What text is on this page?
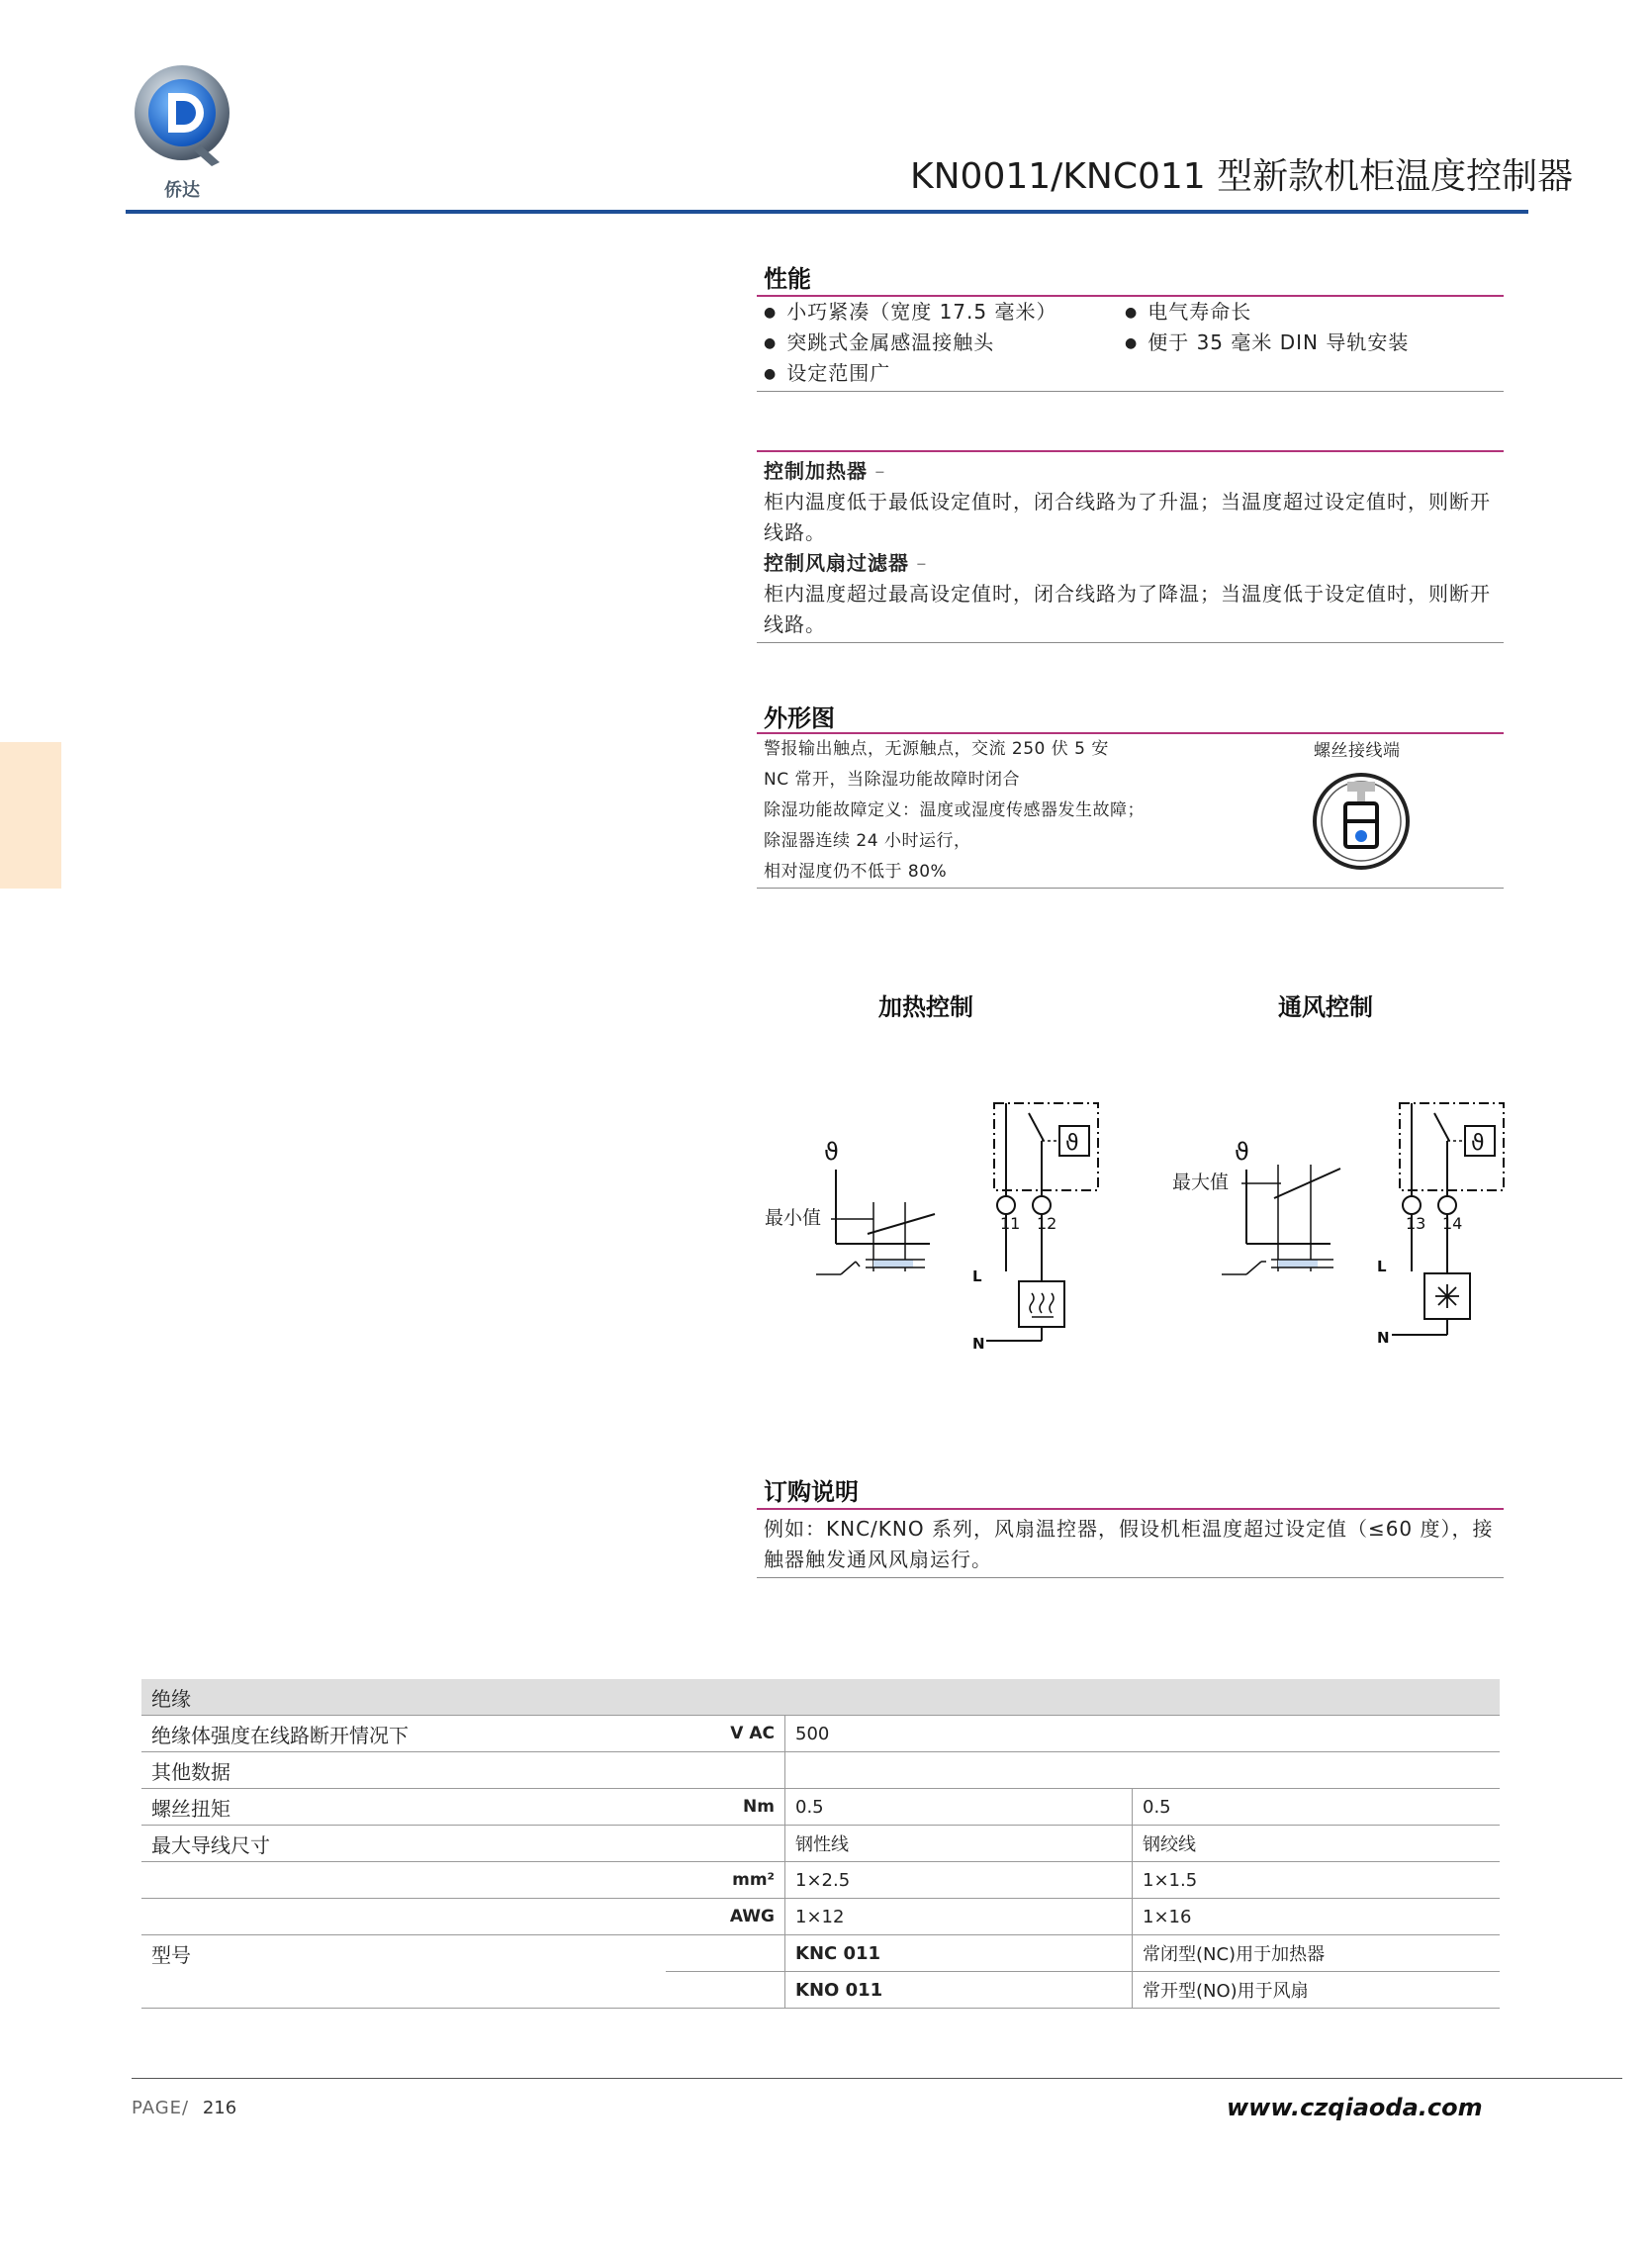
侨达	KN0011/KNC011 型新款机柜温度控制器
性能
● 小巧紧凑（宽度 17.5 毫米）
● 突跳式金属感温接触头
● 设定范围广
● 电气寿命长
● 便于 35 毫米 DIN 导轨安装
控制加热器 –
柜内温度低于最低设定值时，闭合线路为了升温；当温度超过设定值时，则断开线路。
控制风扇过滤器 –
柜内温度超过最高设定值时，闭合线路为了降温；当温度低于设定值时，则断开线路。
外形图
警报输出触点，无源触点，交流 250 伏 5 安
NC 常开，当除湿功能故障时闭合
除湿功能故障定义：温度或湿度传感器发生故障；
除湿器连续 24 小时运行，
相对湿度仍不低于 80%
螺丝接线端
加热控制	通风控制
ϑ
最小值
ϑ
11 12
L
N
ϑ
最大值
ϑ
13 14
L
N
订购说明
例如：KNC/KNO 系列，风扇温控器，假设机柜温度超过设定值（≤60 度），接触器触发通风风扇运行。
绝缘			
绝缘体强度在线路断开情况下	V AC	500	
其他数据			
螺丝扭矩	Nm	0.5	0.5
最大导线尺寸		钢性线	钢绞线
	mm²	1×2.5	1×1.5
	AWG	1×12	1×16
型号		KNC 011	常闭型(NC)用于加热器
		KNO 011	常开型(NO)用于风扇
PAGE/ 216	www.czqiaoda.com
